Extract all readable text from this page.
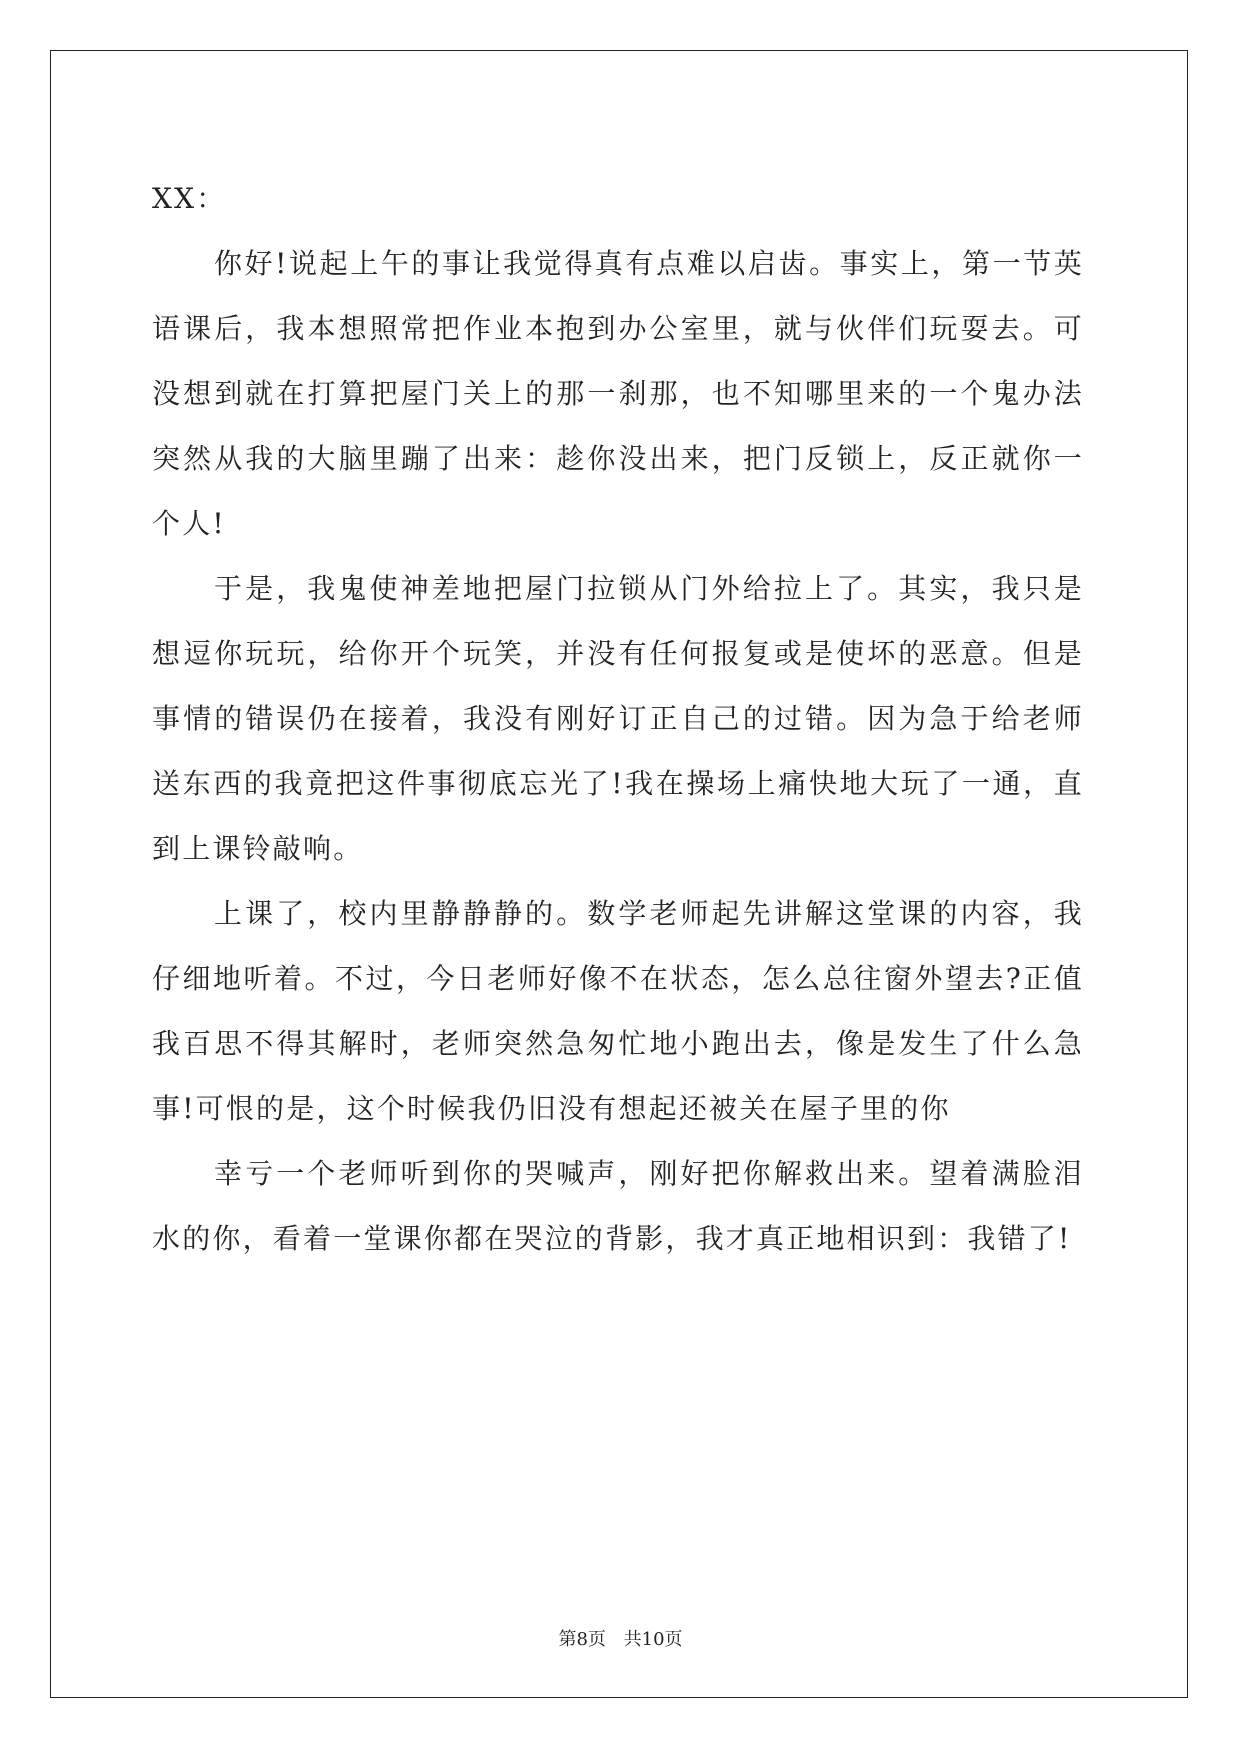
XX：

你好!说起上午的事让我觉得真有点难以启齿。事实上，第一节英语课后，我本想照常把作业本抱到办公室里，就与伙伴们玩耍去。可没想到就在打算把屋门关上的那一刹那，也不知哪里来的一个鬼办法突然从我的大脑里蹦了出来：趁你没出来，把门反锁上，反正就你一个人!

于是，我鬼使神差地把屋门拉锁从门外给拉上了。其实，我只是想逗你玩玩，给你开个玩笑，并没有任何报复或是使坏的恶意。但是事情的错误仍在接着，我没有刚好订正自己的过错。因为急于给老师送东西的我竟把这件事彻底忘光了!我在操场上痛快地大玩了一通，直到上课铃敲响。

上课了，校内里静静静的。数学老师起先讲解这堂课的内容，我仔细地听着。不过，今日老师好像不在状态，怎么总往窗外望去?正值我百思不得其解时，老师突然急匆忙地小跑出去，像是发生了什么急事!可恨的是，这个时候我仍旧没有想起还被关在屋子里的你

幸亏一个老师听到你的哭喊声，刚好把你解救出来。望着满脸泪水的你，看着一堂课你都在哭泣的背影，我才真正地相识到：我错了!

第8页 共10页
